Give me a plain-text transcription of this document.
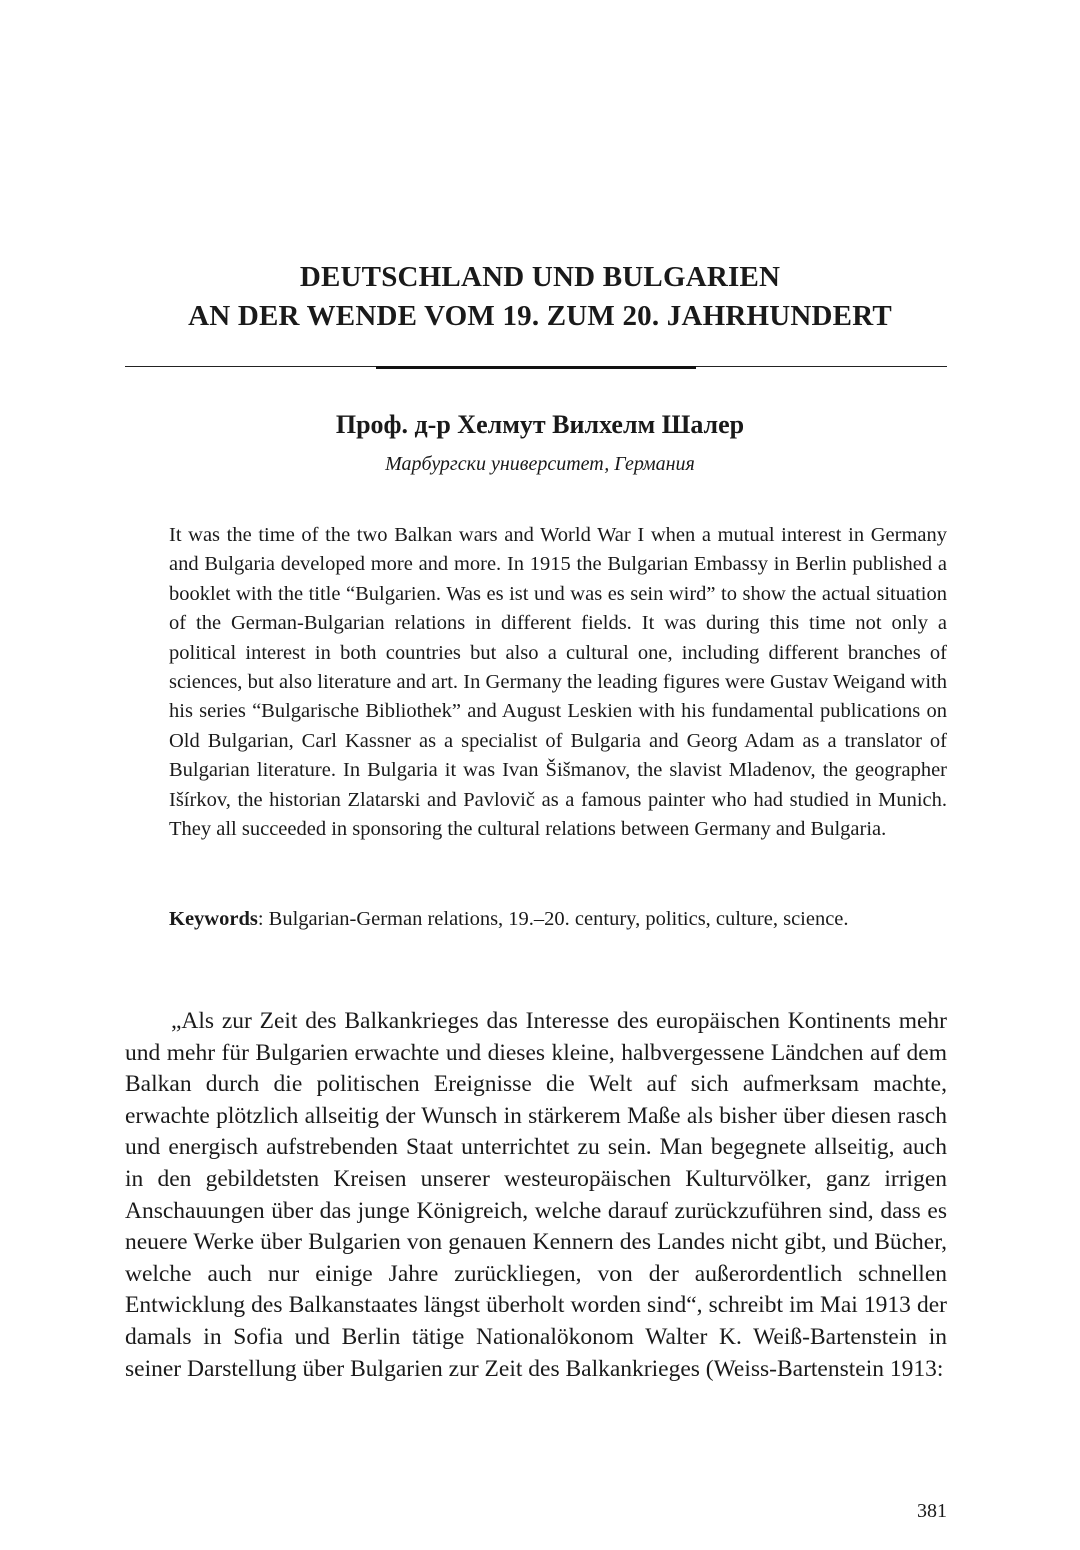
DEUTSCHLAND UND BULGARIEN
AN DER WENDE VOM 19. ZUM 20. JAHRHUNDERT
Проф. д-р Хелмут Вилхелм Шалер
Марбургски университет, Германия

It was the time of the two Balkan wars and World War I when a mutual interest in Germany and Bulgaria developed more and more. In 1915 the Bulgarian Embassy in Berlin published a booklet with the title “Bulgarien. Was es ist und was es sein wird” to show the actual situation of the German-Bulgarian relations in different fields. It was during this time not only a political interest in both countries but also a cultural one, including different branches of sciences, but also literature and art. In Germany the leading figures were Gustav Weigand with his series “Bulgarische Bibliothek” and August Leskien with his fundamental publications on Old Bulgarian, Carl Kassner as a specialist of Bulgaria and Georg Adam as a translator of Bulgarian literature. In Bulgaria it was Ivan Šišmanov, the slavist Mladenov, the geographer Išírkov, the historian Zlatarski and Pavlovič as a famous painter who had studied in Munich. They all succeeded in sponsoring the cultural relations between Germany and Bulgaria.

Keywords: Bulgarian-German relations, 19.–20. century, politics, culture, science.

„Als zur Zeit des Balkankrieges das Interesse des europäischen Kontinents mehr und mehr für Bulgarien erwachte und dieses kleine, halbvergessene Ländchen auf dem Balkan durch die politischen Ereignisse die Welt auf sich aufmerksam machte, erwachte plötzlich allseitig der Wunsch in stärkerem Maße als bisher über diesen rasch und energisch aufstrebenden Staat unterrichtet zu sein. Man begegnete allseitig, auch in den gebildetsten Kreisen unserer westeuropäischen Kulturvölker, ganz irrigen Anschauungen über das junge Königreich, welche darauf zurückzuführen sind, dass es neuere Werke über Bulgarien von genauen Kennern des Landes nicht gibt, und Bücher, welche auch nur einige Jahre zurückliegen, von der außerordentlich schnellen Entwicklung des Balkanstaates längst überholt worden sind“, schreibt im Mai 1913 der damals in Sofia und Berlin tätige Nationalökonom Walter K. Weiß-Bartenstein in seiner Darstellung über Bulgarien zur Zeit des Balkankrieges (Weiss-Bartenstein 1913:

381
